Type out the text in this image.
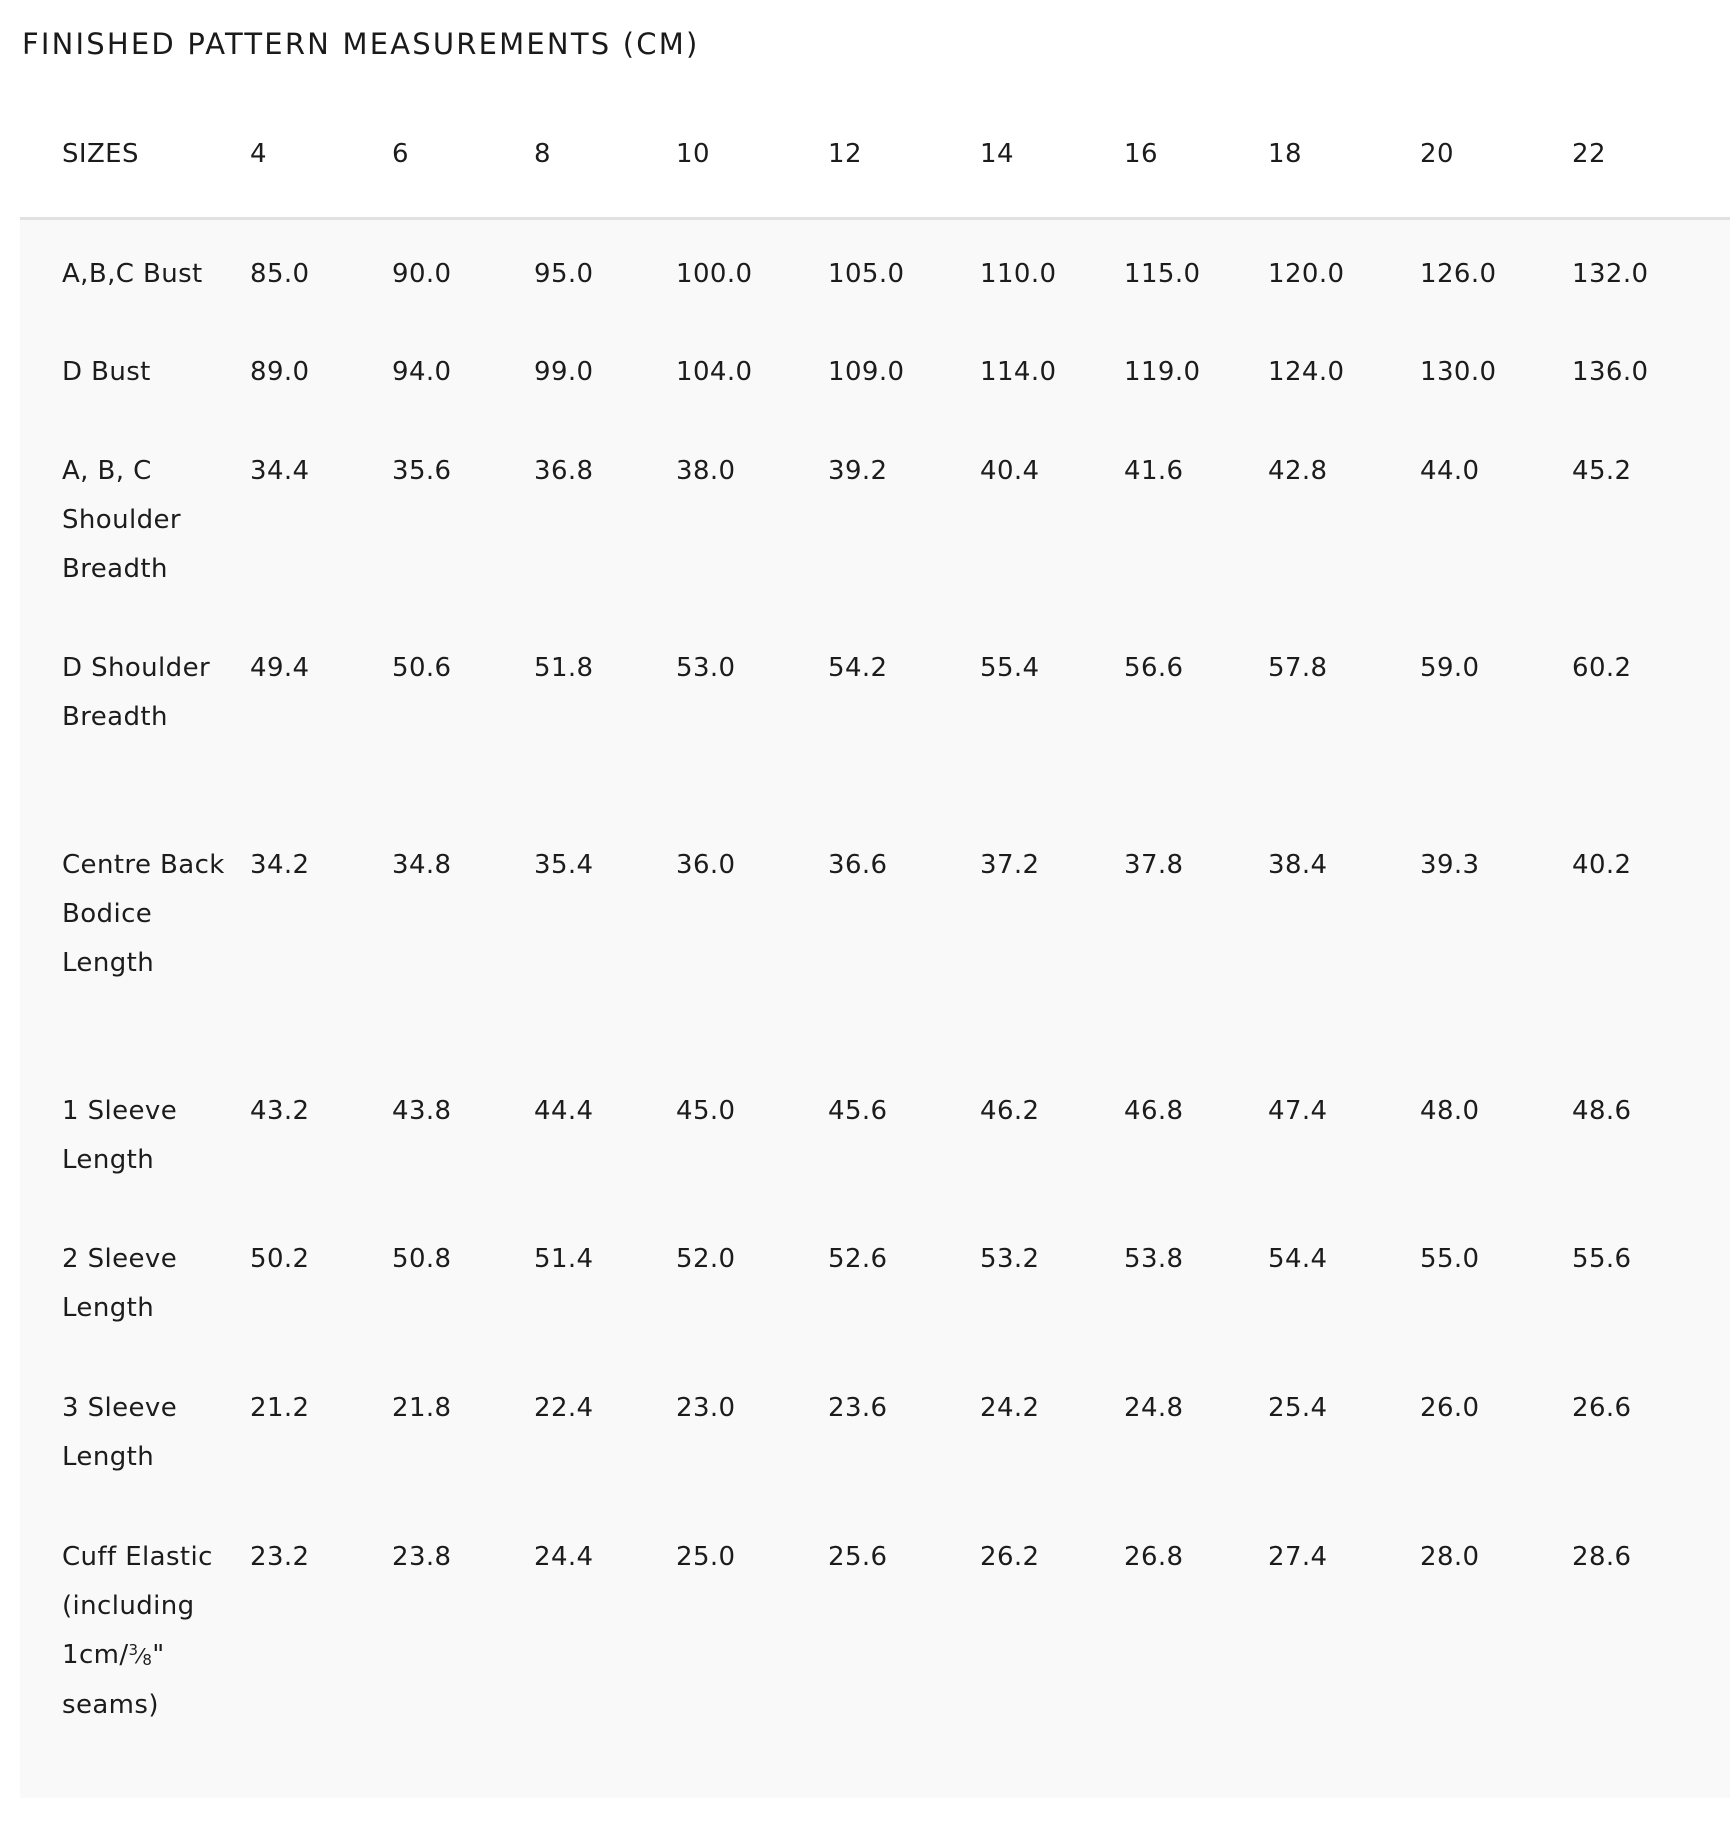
FINISHED PATTERN MEASUREMENTS (CM)
SIZES	4	6	8	10	12	14	16	18	20	22
A,B,C Bust	85.0	90.0	95.0	100.0	105.0	110.0	115.0	120.0	126.0	132.0
D Bust	89.0	94.0	99.0	104.0	109.0	114.0	119.0	124.0	130.0	136.0
A, B, C Shoulder Breadth	34.4	35.6	36.8	38.0	39.2	40.4	41.6	42.8	44.0	45.2
D Shoulder Breadth	49.4	50.6	51.8	53.0	54.2	55.4	56.6	57.8	59.0	60.2
Centre Back Bodice Length	34.2	34.8	35.4	36.0	36.6	37.2	37.8	38.4	39.3	40.2
1 Sleeve Length	43.2	43.8	44.4	45.0	45.6	46.2	46.8	47.4	48.0	48.6
2 Sleeve Length	50.2	50.8	51.4	52.0	52.6	53.2	53.8	54.4	55.0	55.6
3 Sleeve Length	21.2	21.8	22.4	23.0	23.6	24.2	24.8	25.4	26.0	26.6
Cuff Elastic (including $1cm/^3⁄_8$" seams)	23.2	23.8	24.4	25.0	25.6	26.2	26.8	27.4	28.0	28.6
